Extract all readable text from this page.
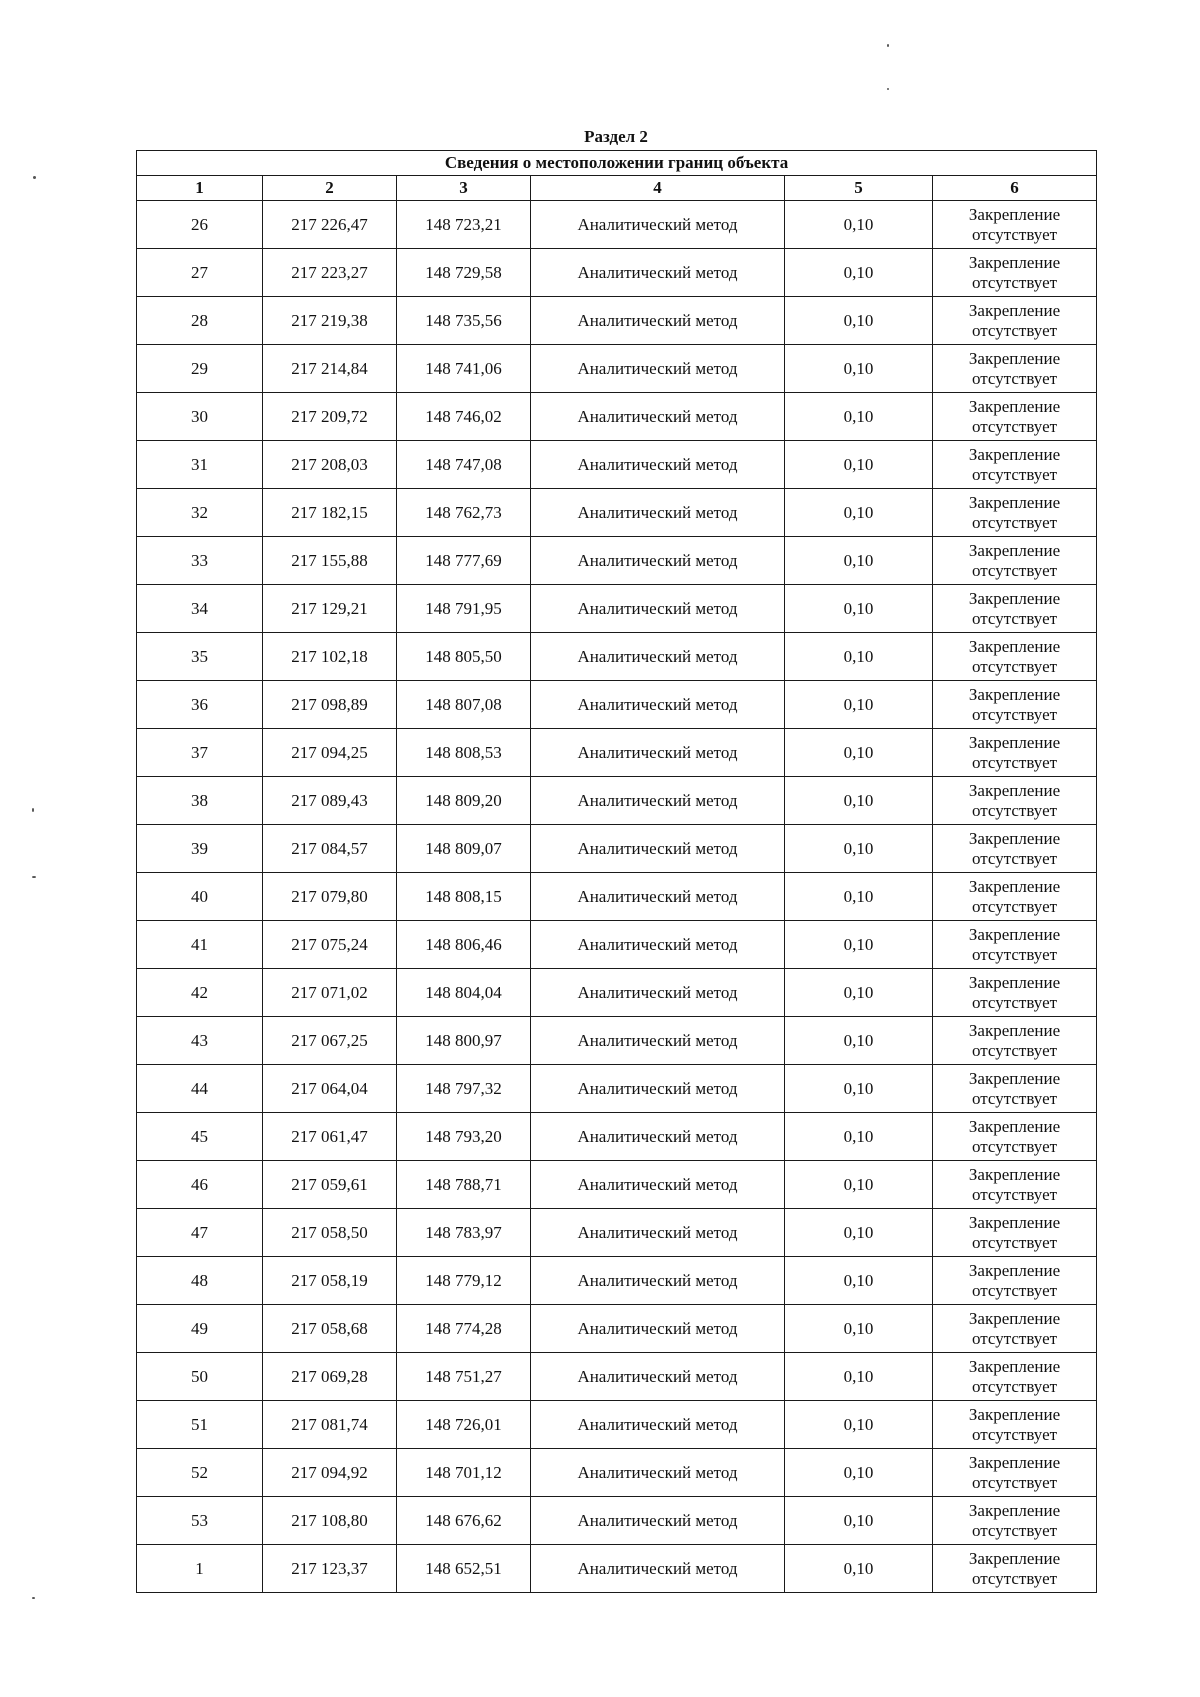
Раздел 2
Сведения о местоположении границ объекта					
1	2	3	4	5	6
26	217 226,47	148 723,21	Аналитический метод	0,10	Закрепление
отсутствует

27	217 223,27	148 729,58	Аналитический метод	0,10	Закрепление
отсутствует

28	217 219,38	148 735,56	Аналитический метод	0,10	Закрепление
отсутствует

29	217 214,84	148 741,06	Аналитический метод	0,10	Закрепление
отсутствует

30	217 209,72	148 746,02	Аналитический метод	0,10	Закрепление
отсутствует

31	217 208,03	148 747,08	Аналитический метод	0,10	Закрепление
отсутствует

32	217 182,15	148 762,73	Аналитический метод	0,10	Закрепление
отсутствует

33	217 155,88	148 777,69	Аналитический метод	0,10	Закрепление
отсутствует

34	217 129,21	148 791,95	Аналитический метод	0,10	Закрепление
отсутствует

35	217 102,18	148 805,50	Аналитический метод	0,10	Закрепление
отсутствует

36	217 098,89	148 807,08	Аналитический метод	0,10	Закрепление
отсутствует

37	217 094,25	148 808,53	Аналитический метод	0,10	Закрепление
отсутствует

38	217 089,43	148 809,20	Аналитический метод	0,10	Закрепление
отсутствует

39	217 084,57	148 809,07	Аналитический метод	0,10	Закрепление
отсутствует

40	217 079,80	148 808,15	Аналитический метод	0,10	Закрепление
отсутствует

41	217 075,24	148 806,46	Аналитический метод	0,10	Закрепление
отсутствует

42	217 071,02	148 804,04	Аналитический метод	0,10	Закрепление
отсутствует

43	217 067,25	148 800,97	Аналитический метод	0,10	Закрепление
отсутствует

44	217 064,04	148 797,32	Аналитический метод	0,10	Закрепление
отсутствует

45	217 061,47	148 793,20	Аналитический метод	0,10	Закрепление
отсутствует

46	217 059,61	148 788,71	Аналитический метод	0,10	Закрепление
отсутствует

47	217 058,50	148 783,97	Аналитический метод	0,10	Закрепление
отсутствует

48	217 058,19	148 779,12	Аналитический метод	0,10	Закрепление
отсутствует

49	217 058,68	148 774,28	Аналитический метод	0,10	Закрепление
отсутствует

50	217 069,28	148 751,27	Аналитический метод	0,10	Закрепление
отсутствует

51	217 081,74	148 726,01	Аналитический метод	0,10	Закрепление
отсутствует

52	217 094,92	148 701,12	Аналитический метод	0,10	Закрепление
отсутствует

53	217 108,80	148 676,62	Аналитический метод	0,10	Закрепление
отсутствует

1	217 123,37	148 652,51	Аналитический метод	0,10	Закрепление
отсутствует
